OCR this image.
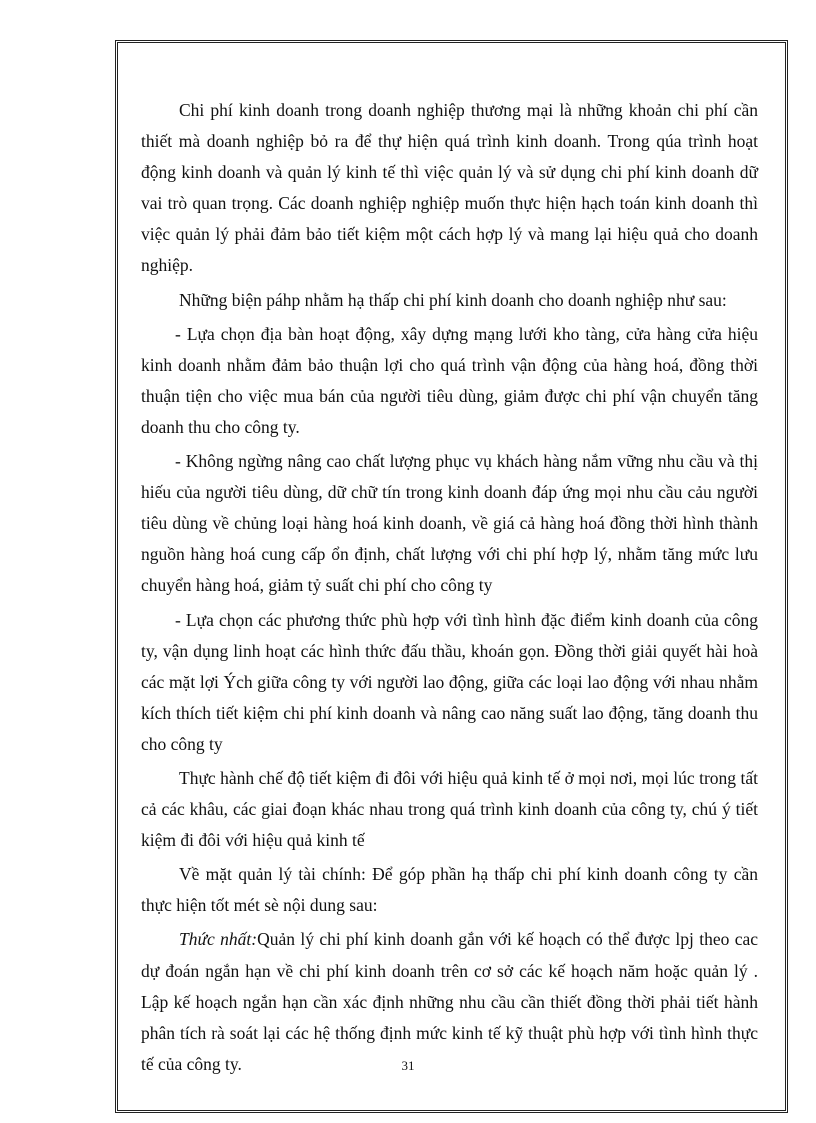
Chi phí kinh doanh trong doanh nghiệp thương mại là những khoản chi phí cần thiết mà doanh nghiệp bỏ ra để thự hiện quá trình kinh doanh. Trong qúa trình hoạt động kinh doanh và quản lý kinh tế thì việc quản lý và sử dụng chi phí kinh doanh dữ vai trò quan trọng. Các doanh nghiệp nghiệp muốn thực hiện hạch toán kinh doanh thì việc quản lý phải đảm bảo tiết kiệm một cách hợp lý và mang lại hiệu quả cho doanh nghiệp.

Những biện páhp nhằm hạ thấp chi phí kinh doanh cho doanh nghiệp như sau:

- Lựa chọn địa bàn hoạt động, xây dựng mạng lưới kho tàng, cửa hàng cửa hiệu kinh doanh nhằm đảm bảo thuận lợi cho quá trình vận động của hàng hoá, đồng thời thuận tiện cho việc mua bán của người tiêu dùng, giảm được chi phí vận chuyển tăng doanh thu cho công ty.

- Không ngừng nâng cao chất lượng phục vụ khách hàng nắm vững nhu cầu và thị hiếu của người tiêu dùng, dữ chữ tín trong kinh doanh đáp ứng mọi nhu cầu cảu người tiêu dùng về chủng loại hàng hoá kinh doanh, về giá cả hàng hoá đồng thời hình thành nguồn hàng hoá cung cấp ổn định, chất lượng với chi phí hợp lý, nhằm tăng mức lưu chuyển hàng hoá, giảm tỷ suất chi phí cho công ty

- Lựa chọn các phương thức phù hợp với tình hình đặc điểm kinh doanh của công ty, vận dụng linh hoạt các hình thức đấu thầu, khoán gọn. Đồng thời giải quyết hài hoà các mặt lợi Ých giữa công ty với người lao động, giữa các loại lao động với nhau nhằm kích thích tiết kiệm chi phí kinh doanh và nâng cao năng suất lao động, tăng doanh thu cho công ty

Thực hành chế độ tiết kiệm đi đôi với hiệu quả kinh tế ở mọi nơi, mọi lúc trong tất cả các khâu, các giai đoạn khác nhau trong quá trình kinh doanh của công ty, chú ý tiết kiệm đi đôi với hiệu quả kinh tế

Về mặt quản lý tài chính: Để góp phần hạ thấp chi phí kinh doanh công ty cần thực hiện tốt mét sè nội dung sau:

Thức nhất:Quản lý chi phí kinh doanh gắn với kế hoạch có thể được lpj theo cac dự đoán ngắn hạn về chi phí kinh doanh trên cơ sở các kế hoạch năm hoặc quản lý . Lập kế hoạch ngắn hạn cần xác định những nhu cầu cần thiết đồng thời phải tiết hành phân tích rà soát lại các hệ thống định mức kinh tế kỹ thuật phù hợp với tình hình thực tế của công ty.	31
